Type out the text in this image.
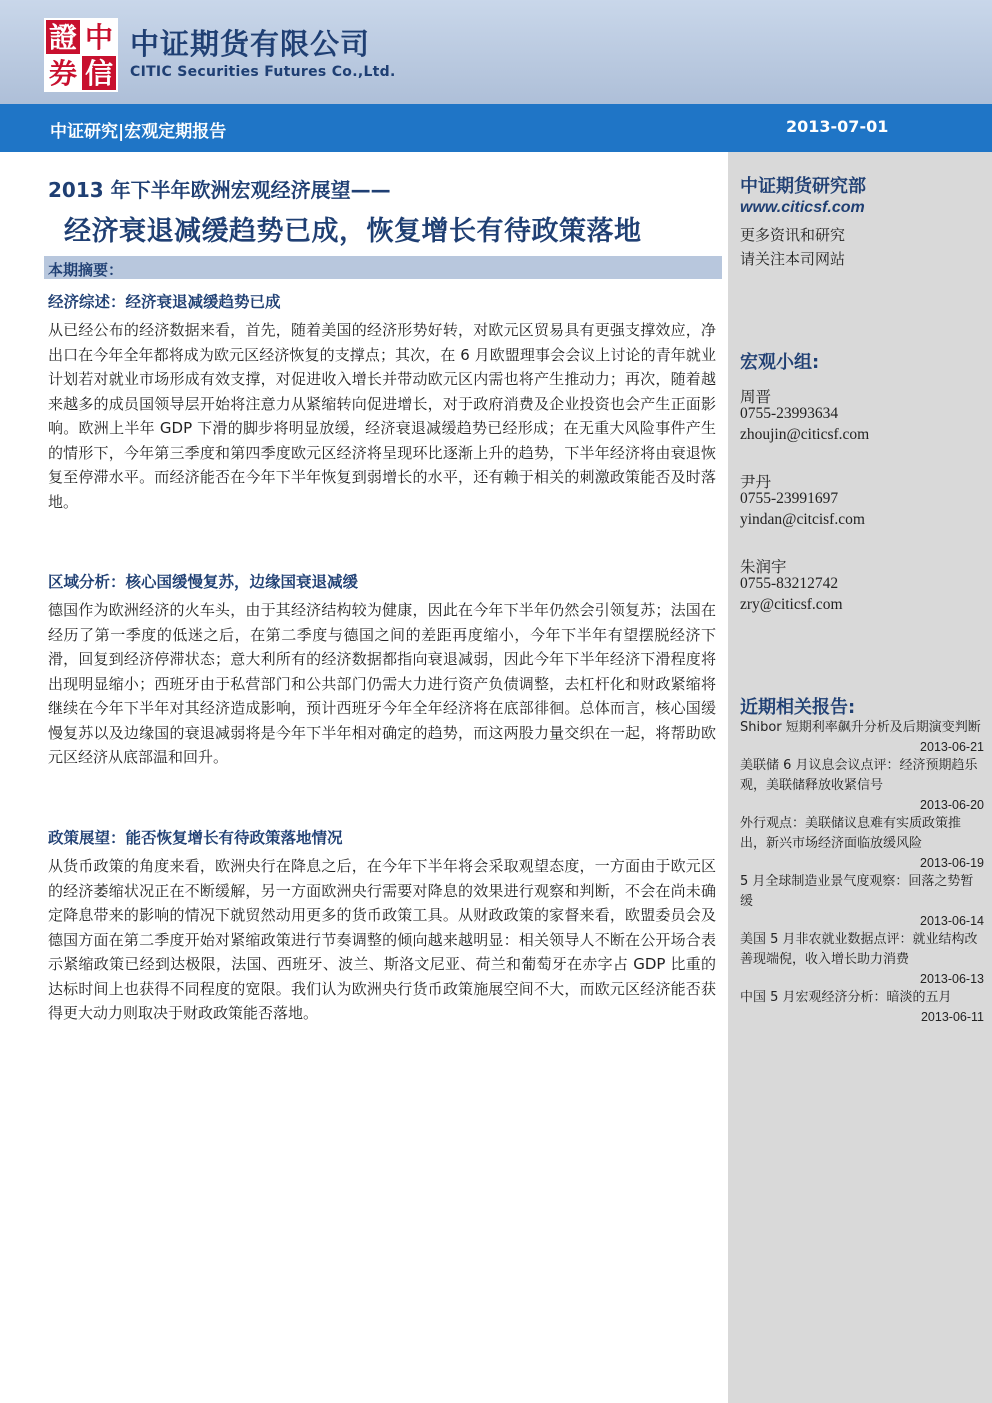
證 中
券 信
中证期货有限公司
CITIC Securities Futures Co.,Ltd.
中证研究|宏观定期报告	2013-07-01
中证期货研究部
www.citicsf.com
更多资讯和研究
请关注本司网站
宏观小组:
周晋
0755-23993634
zhoujin@citicsf.com
尹丹
0755-23991697
yindan@citcisf.com
朱润宇
0755-83212742
zry@citicsf.com
近期相关报告:
Shibor 短期利率飙升分析及后期演变判断
2013-06-21
美联储 6 月议息会议点评：经济预期趋乐观，美联储释放收紧信号
2013-06-20
外行观点：美联储议息难有实质政策推出，新兴市场经济面临放缓风险
2013-06-19
5 月全球制造业景气度观察：回落之势暂缓
2013-06-14
美国 5 月非农就业数据点评：就业结构改善现端倪，收入增长助力消费
2013-06-13
中国 5 月宏观经济分析：暗淡的五月
2013-06-11
2013 年下半年欧洲宏观经济展望——
经济衰退减缓趋势已成，恢复增长有待政策落地
本期摘要：
经济综述：经济衰退减缓趋势已成
从已经公布的经济数据来看，首先，随着美国的经济形势好转，对欧元区贸易具有更强支撑效应，净出口在今年全年都将成为欧元区经济恢复的支撑点；其次，在 6 月欧盟理事会会议上讨论的青年就业计划若对就业市场形成有效支撑，对促进收入增长并带动欧元区内需也将产生推动力；再次，随着越来越多的成员国领导层开始将注意力从紧缩转向促进增长，对于政府消费及企业投资也会产生正面影响。欧洲上半年 GDP 下滑的脚步将明显放缓，经济衰退减缓趋势已经形成；在无重大风险事件产生的情形下，今年第三季度和第四季度欧元区经济将呈现环比逐渐上升的趋势，下半年经济将由衰退恢复至停滞水平。而经济能否在今年下半年恢复到弱增长的水平，还有赖于相关的刺激政策能否及时落地。
区域分析：核心国缓慢复苏，边缘国衰退减缓
德国作为欧洲经济的火车头，由于其经济结构较为健康，因此在今年下半年仍然会引领复苏；法国在经历了第一季度的低迷之后，在第二季度与德国之间的差距再度缩小，今年下半年有望摆脱经济下滑，回复到经济停滞状态；意大利所有的经济数据都指向衰退减弱，因此今年下半年经济下滑程度将出现明显缩小；西班牙由于私营部门和公共部门仍需大力进行资产负债调整，去杠杆化和财政紧缩将继续在今年下半年对其经济造成影响，预计西班牙今年全年经济将在底部徘徊。总体而言，核心国缓慢复苏以及边缘国的衰退减弱将是今年下半年相对确定的趋势，而这两股力量交织在一起，将帮助欧元区经济从底部温和回升。
政策展望：能否恢复增长有待政策落地情况
从货币政策的角度来看，欧洲央行在降息之后，在今年下半年将会采取观望态度，一方面由于欧元区的经济萎缩状况正在不断缓解，另一方面欧洲央行需要对降息的效果进行观察和判断，不会在尚未确定降息带来的影响的情况下就贸然动用更多的货币政策工具。从财政政策的家督来看，欧盟委员会及德国方面在第二季度开始对紧缩政策进行节奏调整的倾向越来越明显：相关领导人不断在公开场合表示紧缩政策已经到达极限，法国、西班牙、波兰、斯洛文尼亚、荷兰和葡萄牙在赤字占 GDP 比重的达标时间上也获得不同程度的宽限。我们认为欧洲央行货币政策施展空间不大，而欧元区经济能否获得更大动力则取决于财政政策能否落地。
